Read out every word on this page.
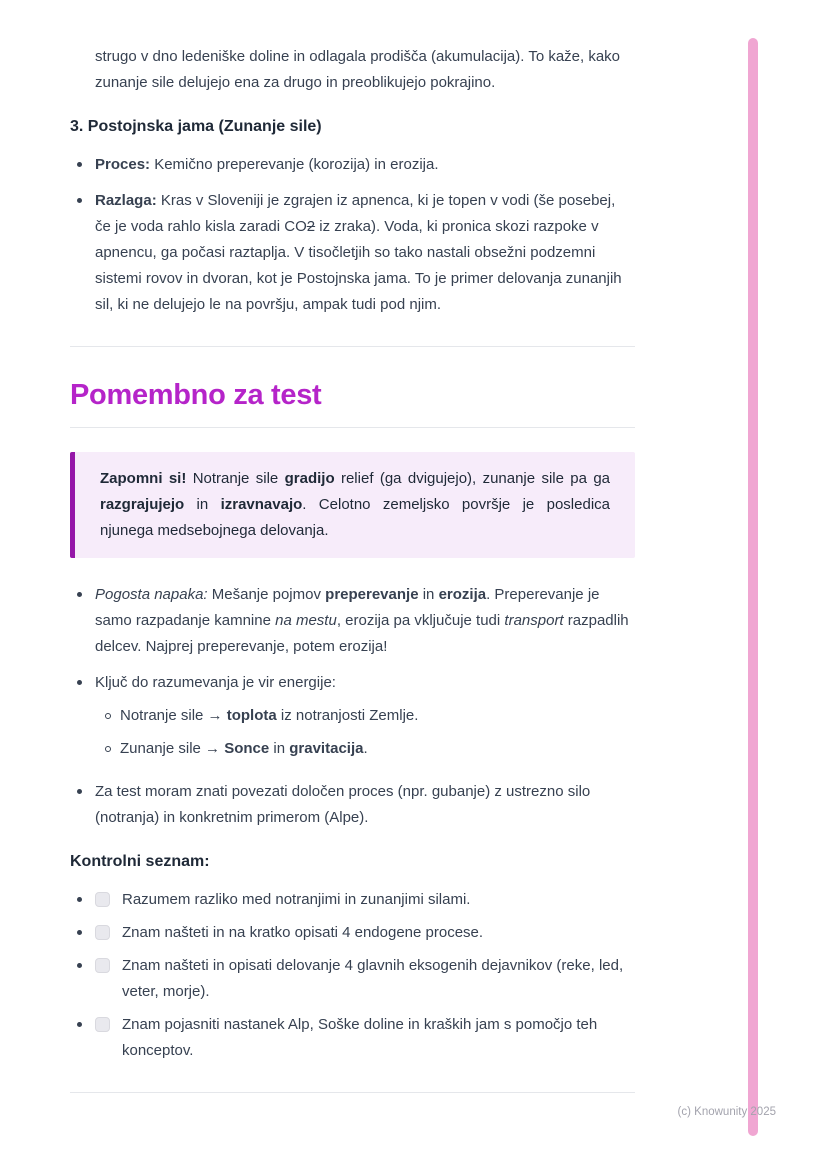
strugo v dno ledeniške doline in odlagala prodišča (akumulacija). To kaže, kako zunanje sile delujejo ena za drugo in preoblikujejo pokrajino.

3. Postojnska jama (Zunanje sile)

Proces: Kemično preperevanje (korozija) in erozija.

Razlaga: Kras v Sloveniji je zgrajen iz apnenca, ki je topen v vodi (še posebej, če je voda rahlo kisla zaradi CO2 iz zraka). Voda, ki pronica skozi razpoke v apnencu, ga počasi raztaplja. V tisočletjih so tako nastali obsežni podzemni sistemi rovov in dvoran, kot je Postojnska jama. To je primer delovanja zunanjih sil, ki ne delujejo le na površju, ampak tudi pod njim.

Pomembno za test

Zapomni si! Notranje sile gradijo relief (ga dvigujejo), zunanje sile pa ga razgrajujejo in izravnavajo. Celotno zemeljsko površje je posledica njunega medsebojnega delovanja.

Pogosta napaka: Mešanje pojmov preperevanje in erozija. Preperevanje je samo razpadanje kamnine na mestu, erozija pa vključuje tudi transport razpadlih delcev. Najprej preperevanje, potem erozija!

Ključ do razumevanja je vir energije:

Notranje sile → toplota iz notranjosti Zemlje.

Zunanje sile → Sonce in gravitacija.

Za test moram znati povezati določen proces (npr. gubanje) z ustrezno silo (notranja) in konkretnim primerom (Alpe).

Kontrolni seznam:

Razumem razliko med notranjimi in zunanjimi silami.

Znam našteti in na kratko opisati 4 endogene procese.

Znam našteti in opisati delovanje 4 glavnih eksogenih dejavnikov (reke, led, veter, morje).

Znam pojasniti nastanek Alp, Soške doline in kraških jam s pomočjo teh konceptov.

(c) Knowunity 2025
